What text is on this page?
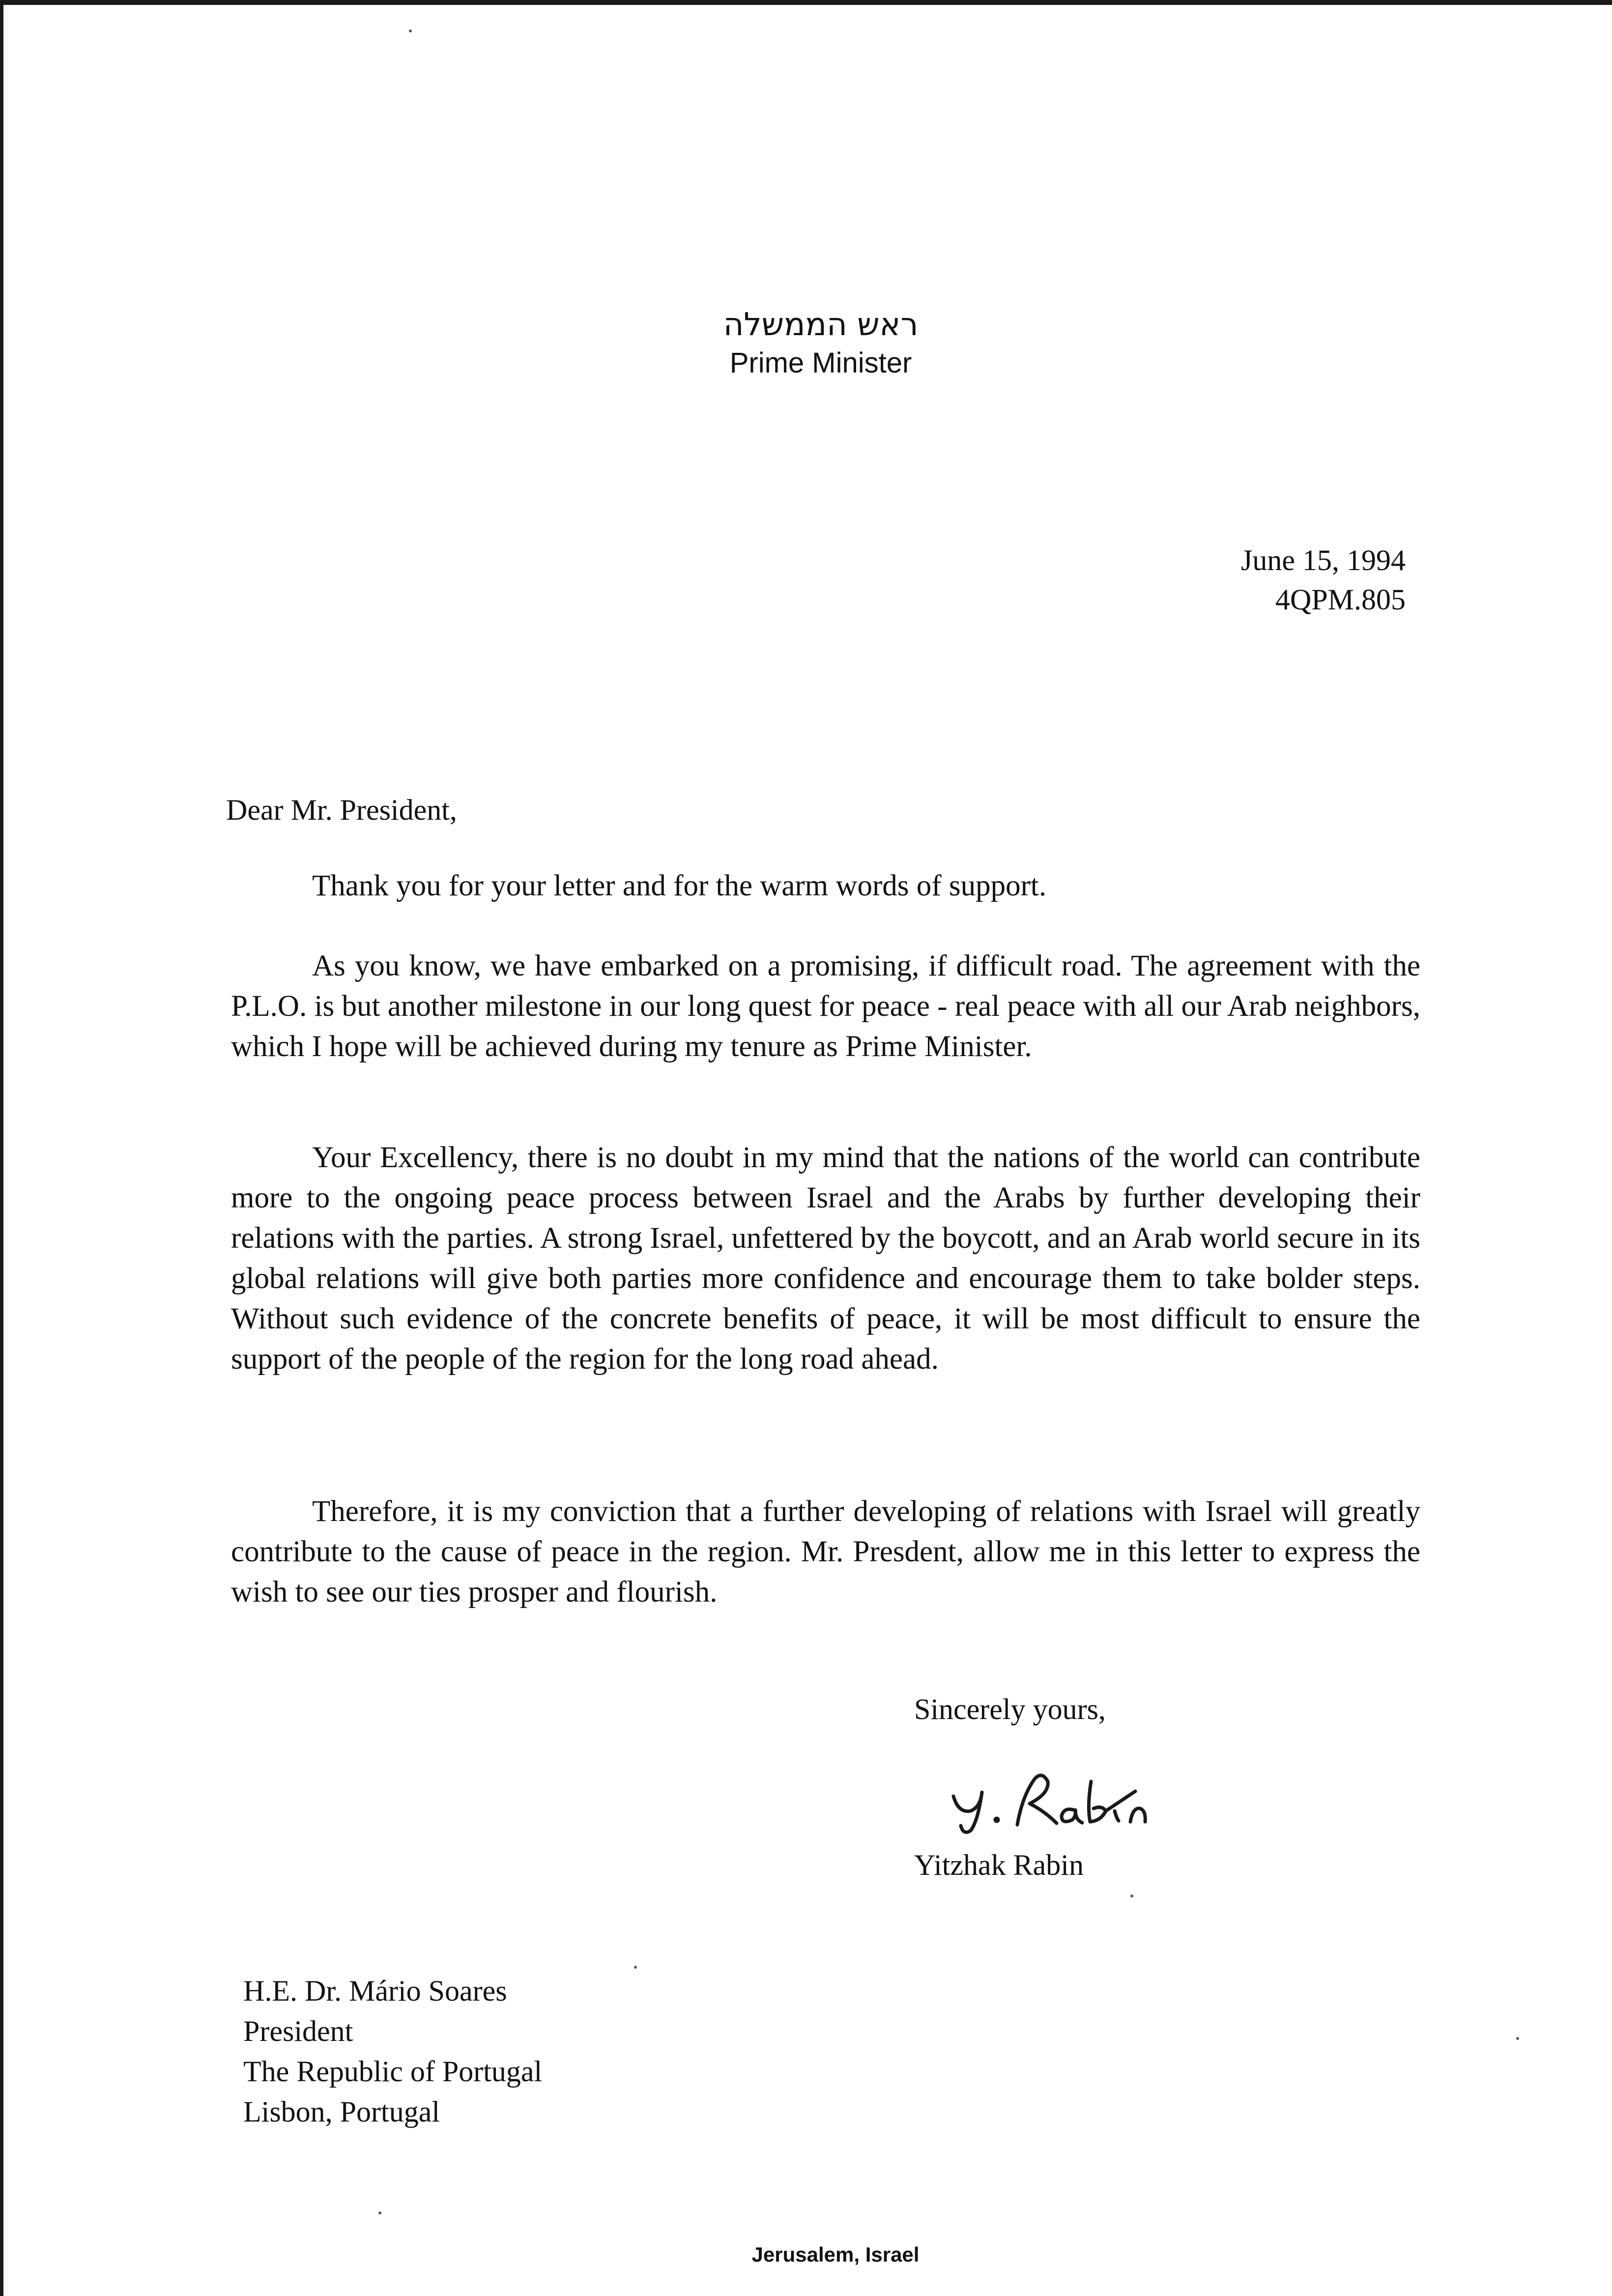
ראש הממשלה
Prime Minister
June 15, 1994
4QPM.805
Dear Mr. President,

Thank you for your letter and for the warm words of support.

As you know, we have embarked on a promising, if difficult road. The agreement with the P.L.O. is but another milestone in our long quest for peace - real peace with all our Arab neighbors, which I hope will be achieved during my tenure as Prime Minister.

Your Excellency, there is no doubt in my mind that the nations of the world can contribute more to the ongoing peace process between Israel and the Arabs by further developing their relations with the parties. A strong Israel, unfettered by the boycott, and an Arab world secure in its global relations will give both parties more confidence and encourage them to take bolder steps. Without such evidence of the concrete benefits of peace, it will be most difficult to ensure the support of the people of the region for the long road ahead.

Therefore, it is my conviction that a further developing of relations with Israel will greatly contribute to the cause of peace in the region. Mr. Presdent, allow me in this letter to express the wish to see our ties prosper and flourish.

Sincerely yours,
Yitzhak Rabin
H.E. Dr. Mário Soares
President
The Republic of Portugal
Lisbon, Portugal
Jerusalem, Israel
